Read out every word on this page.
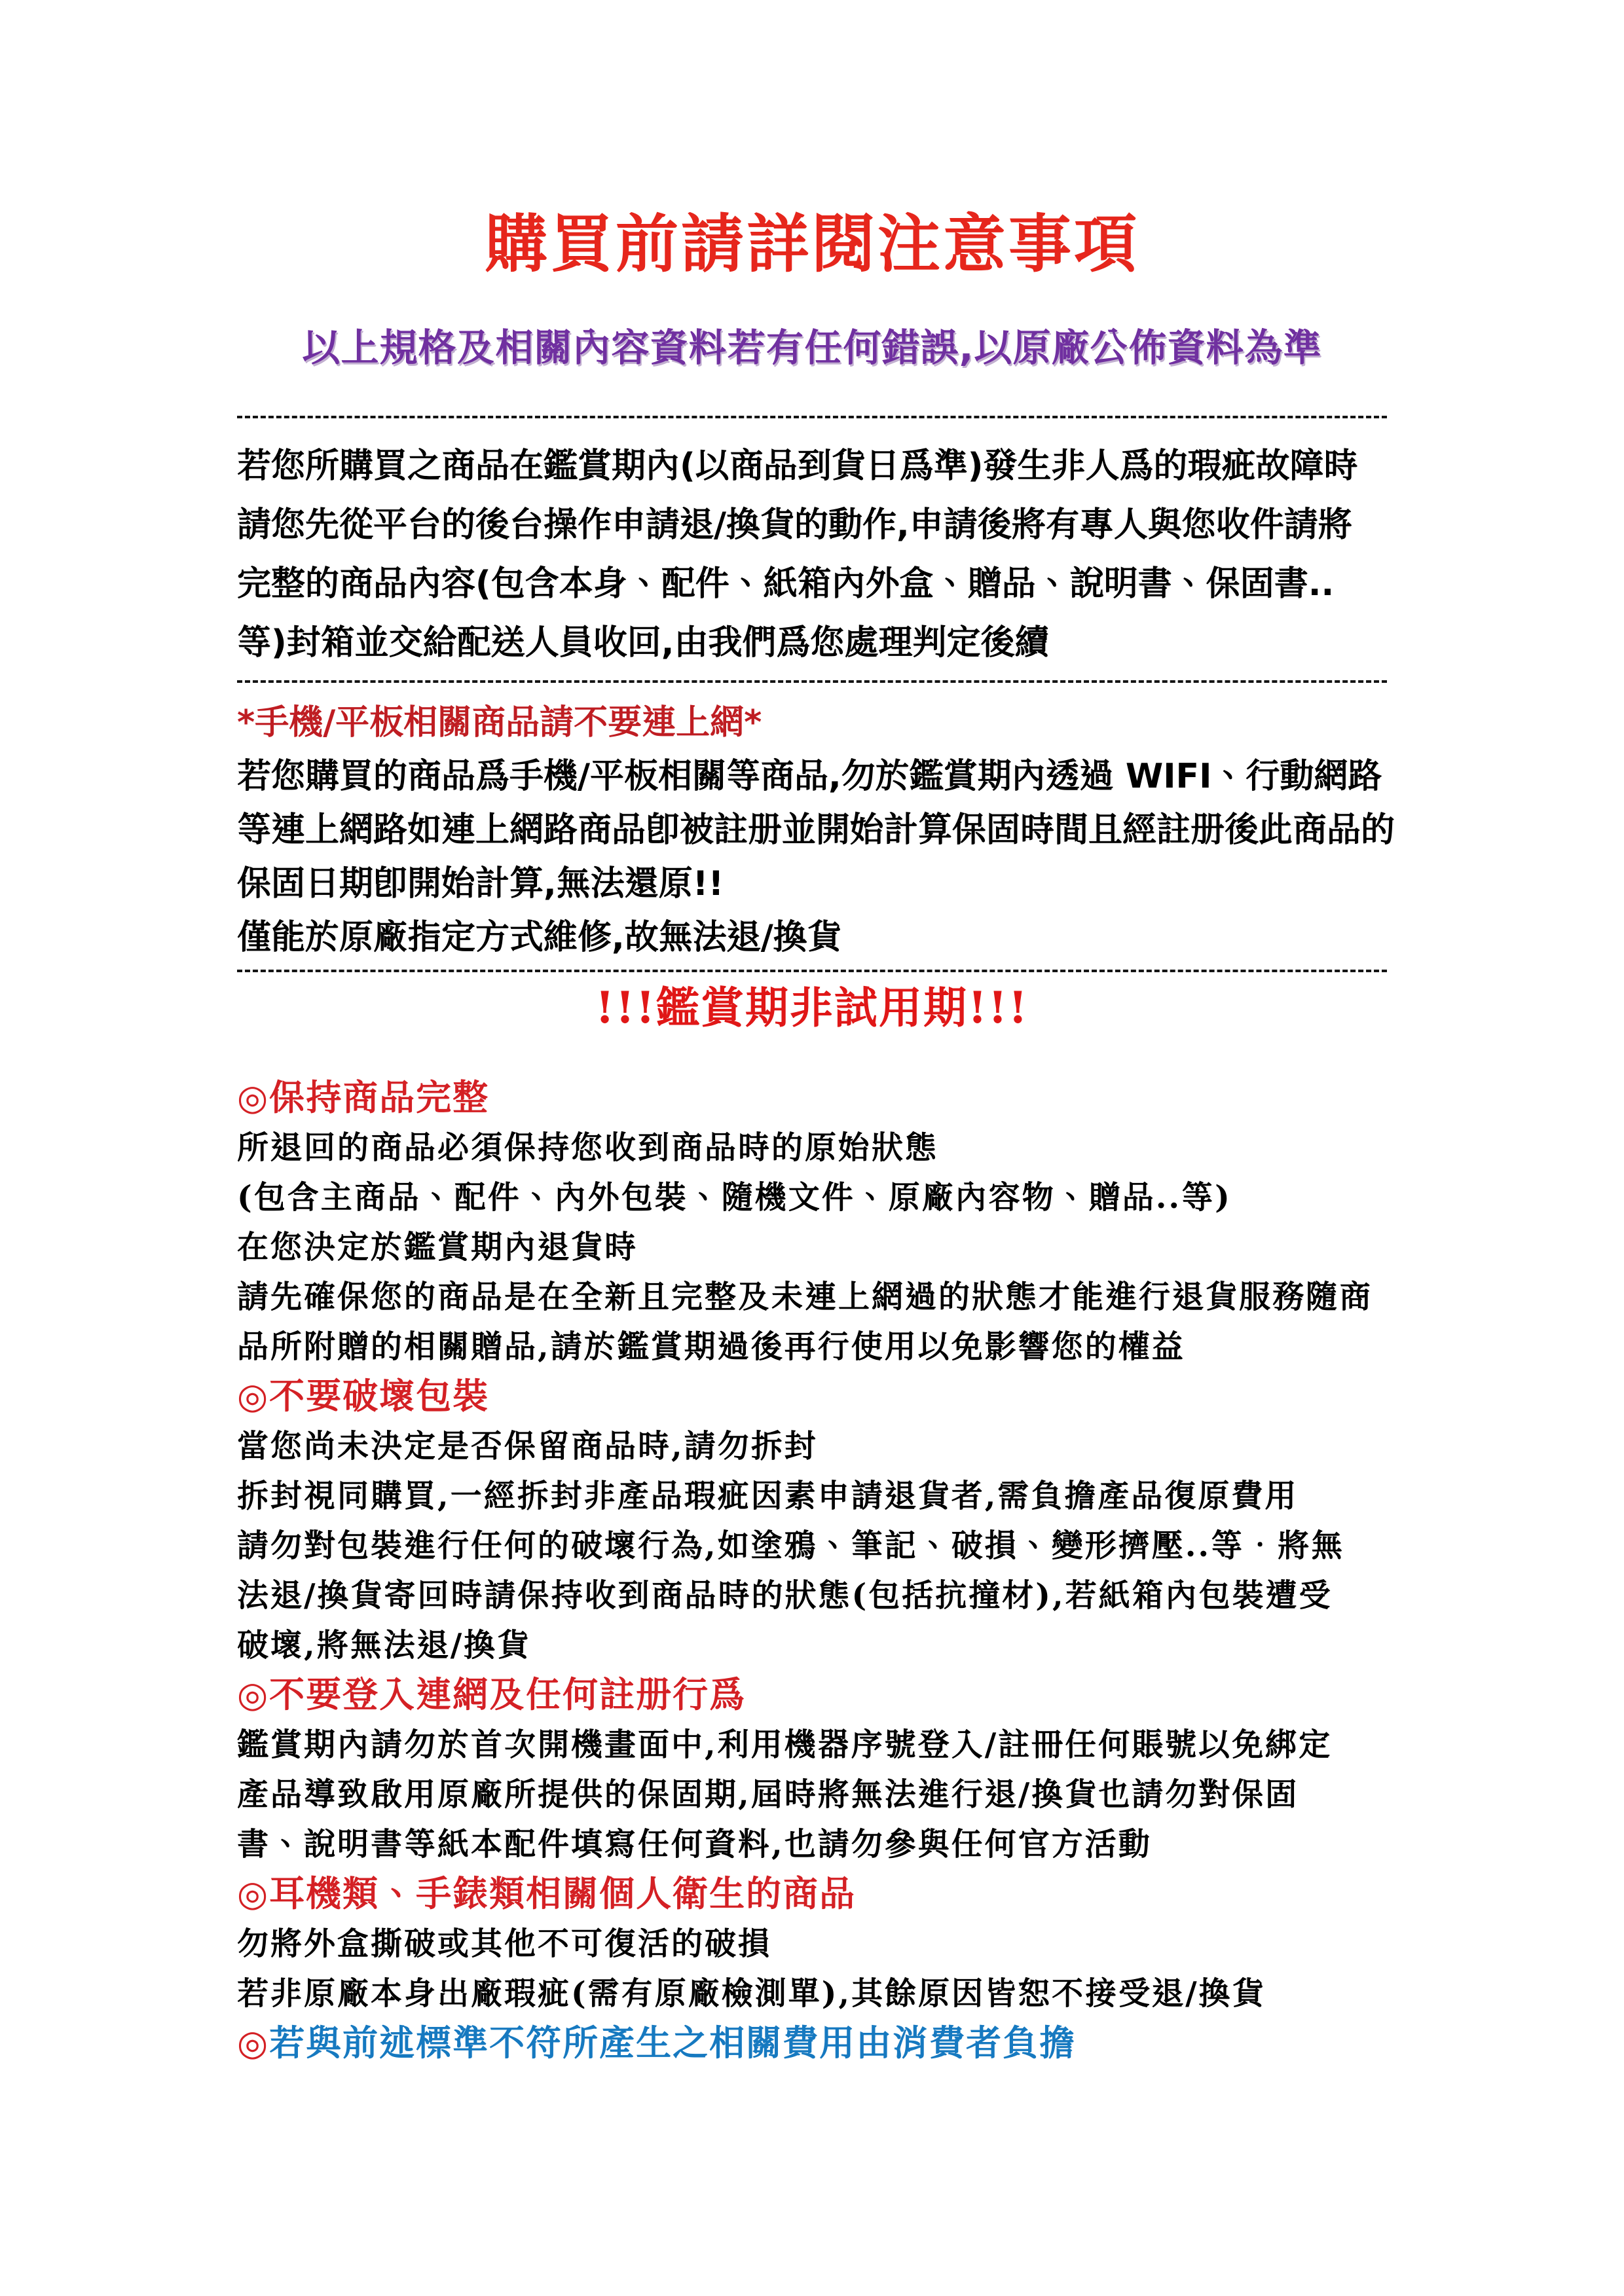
購買前請詳閱注意事項
以上規格及相關內容資料若有任何錯誤,以原廠公佈資料為準

若您所購買之商品在鑑賞期內(以商品到貨日爲準)發生非人爲的瑕疵故障時

請您先從平台的後台操作申請退/換貨的動作,申請後將有專人與您收件請將

完整的商品內容(包含本身、配件、紙箱內外盒、贈品、說明書、保固書..

等)封箱並交給配送人員收回,由我們爲您處理判定後續

*手機/平板相關商品請不要連上網*

若您購買的商品爲手機/平板相關等商品,勿於鑑賞期內透過 WIFI、行動網路

等連上網路如連上網路商品卽被註册並開始計算保固時間且經註册後此商品的

保固日期卽開始計算,無法還原!!

僅能於原廠指定方式維修,故無法退/換貨

!!!鑑賞期非試用期!!!
◎保持商品完整

所退回的商品必須保持您收到商品時的原始狀態

(包含主商品、配件、內外包裝、隨機文件、原廠內容物、贈品..等)

在您決定於鑑賞期內退貨時

請先確保您的商品是在全新且完整及未連上網過的狀態才能進行退貨服務隨商

品所附贈的相關贈品,請於鑑賞期過後再行使用以免影響您的權益

◎不要破壞包裝

當您尚未決定是否保留商品時,請勿拆封

拆封視同購買,一經拆封非產品瑕疵因素申請退貨者,需負擔產品復原費用

請勿對包裝進行任何的破壞行為,如塗鴉、筆記、破損、變形擠壓..等‧將無

法退/換貨寄回時請保持收到商品時的狀態(包括抗撞材),若紙箱內包裝遭受

破壞,將無法退/換貨

◎不要登入連網及任何註册行爲

鑑賞期內請勿於首次開機畫面中,利用機器序號登入/註冊任何賬號以免綁定

產品導致啟用原廠所提供的保固期,屆時將無法進行退/換貨也請勿對保固

書、說明書等紙本配件填寫任何資料,也請勿參與任何官方活動

◎耳機類、手錶類相關個人衛生的商品

勿將外盒撕破或其他不可復活的破損

若非原廠本身出廠瑕疵(需有原廠檢測單),其餘原因皆恕不接受退/換貨

◎若與前述標準不符所產生之相關費用由消費者負擔
